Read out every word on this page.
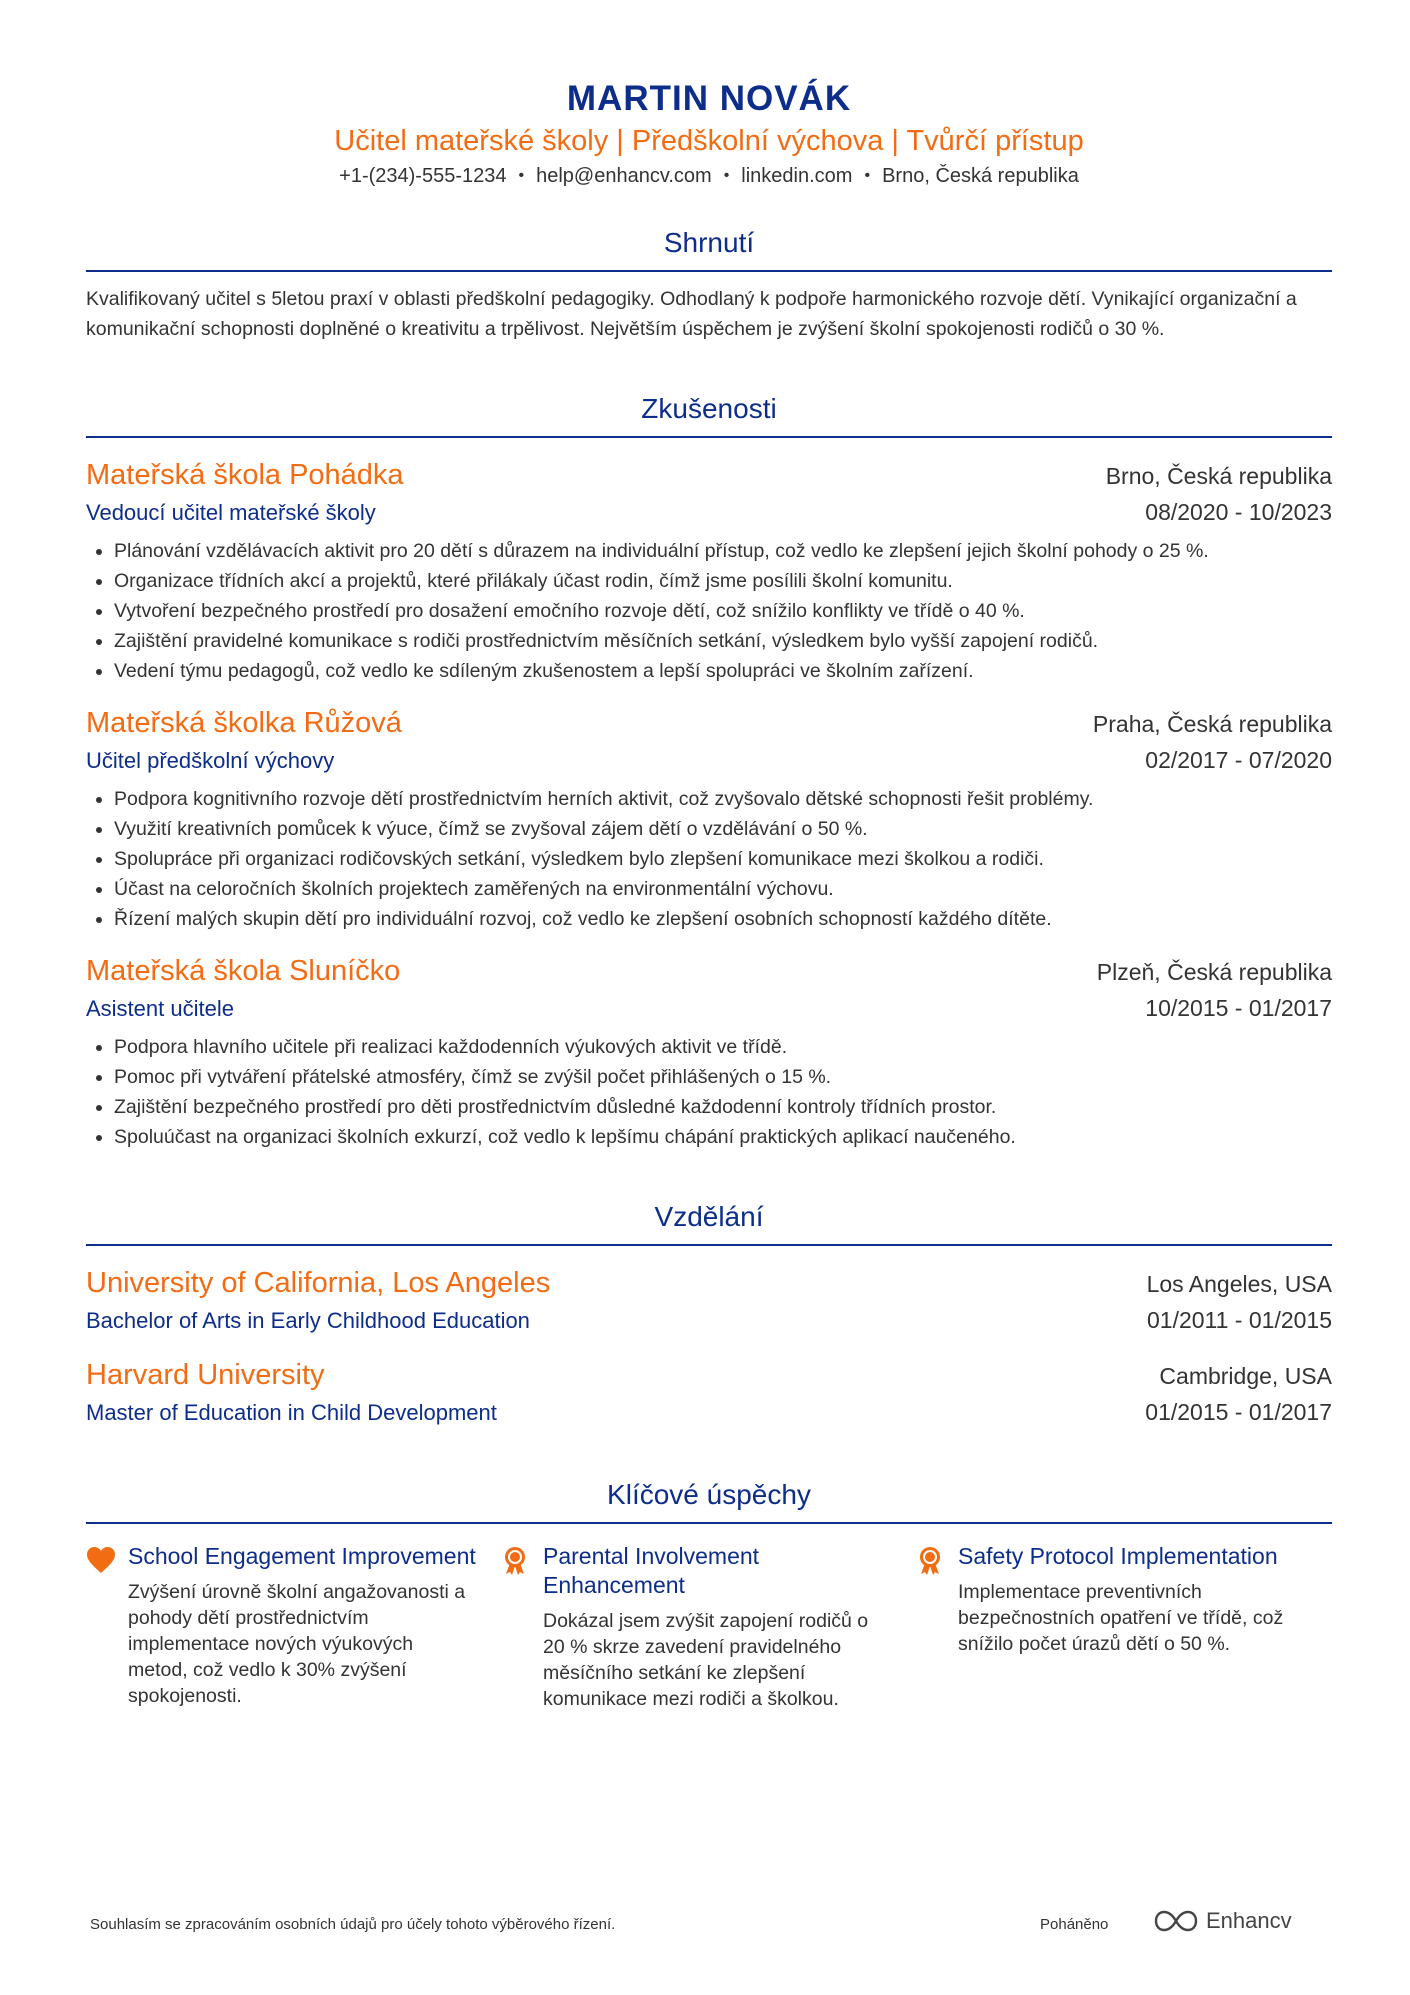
MARTIN NOVÁK
Učitel mateřské školy | Předškolní výchova | Tvůrčí přístup
+1-(234)-555-1234 • help@enhancv.com • linkedin.com • Brno, Česká republika
Shrnutí
Kvalifikovaný učitel s 5letou praxí v oblasti předškolní pedagogiky. Odhodlaný k podpoře harmonického rozvoje dětí. Vynikající organizační a komunikační schopnosti doplněné o kreativitu a trpělivost. Největším úspěchem je zvýšení školní spokojenosti rodičů o 30 %.
Zkušenosti
Mateřská škola Pohádka	Brno, Česká republika
Vedoucí učitel mateřské školy	08/2020 - 10/2023
• Plánování vzdělávacích aktivit pro 20 dětí s důrazem na individuální přístup, což vedlo ke zlepšení jejich školní pohody o 25 %.
• Organizace třídních akcí a projektů, které přilákaly účast rodin, čímž jsme posílili školní komunitu.
• Vytvoření bezpečného prostředí pro dosažení emočního rozvoje dětí, což snížilo konflikty ve třídě o 40 %.
• Zajištění pravidelné komunikace s rodiči prostřednictvím měsíčních setkání, výsledkem bylo vyšší zapojení rodičů.
• Vedení týmu pedagogů, což vedlo ke sdíleným zkušenostem a lepší spolupráci ve školním zařízení.
Mateřská školka Růžová	Praha, Česká republika
Učitel předškolní výchovy	02/2017 - 07/2020
• Podpora kognitivního rozvoje dětí prostřednictvím herních aktivit, což zvyšovalo dětské schopnosti řešit problémy.
• Využití kreativních pomůcek k výuce, čímž se zvyšoval zájem dětí o vzdělávání o 50 %.
• Spolupráce při organizaci rodičovských setkání, výsledkem bylo zlepšení komunikace mezi školkou a rodiči.
• Účast na celoročních školních projektech zaměřených na environmentální výchovu.
• Řízení malých skupin dětí pro individuální rozvoj, což vedlo ke zlepšení osobních schopností každého dítěte.
Mateřská škola Sluníčko	Plzeň, Česká republika
Asistent učitele	10/2015 - 01/2017
• Podpora hlavního učitele při realizaci každodenních výukových aktivit ve třídě.
• Pomoc při vytváření přátelské atmosféry, čímž se zvýšil počet přihlášených o 15 %.
• Zajištění bezpečného prostředí pro děti prostřednictvím důsledné každodenní kontroly třídních prostor.
• Spoluúčast na organizaci školních exkurzí, což vedlo k lepšímu chápání praktických aplikací naučeného.
Vzdělání
University of California, Los Angeles	Los Angeles, USA
Bachelor of Arts in Early Childhood Education	01/2011 - 01/2015
Harvard University	Cambridge, USA
Master of Education in Child Development	01/2015 - 01/2017
Klíčové úspěchy
School Engagement Improvement
Zvýšení úrovně školní angažovanosti a pohody dětí prostřednictvím implementace nových výukových metod, což vedlo k 30% zvýšení spokojenosti.
Parental Involvement Enhancement
Dokázal jsem zvýšit zapojení rodičů o 20 % skrze zavedení pravidelného měsíčního setkání ke zlepšení komunikace mezi rodiči a školkou.
Safety Protocol Implementation
Implementace preventivních bezpečnostních opatření ve třídě, což snížilo počet úrazů dětí o 50 %.
Souhlasím se zpracováním osobních údajů pro účely tohoto výběrového řízení.	Poháněno	Enhancv
